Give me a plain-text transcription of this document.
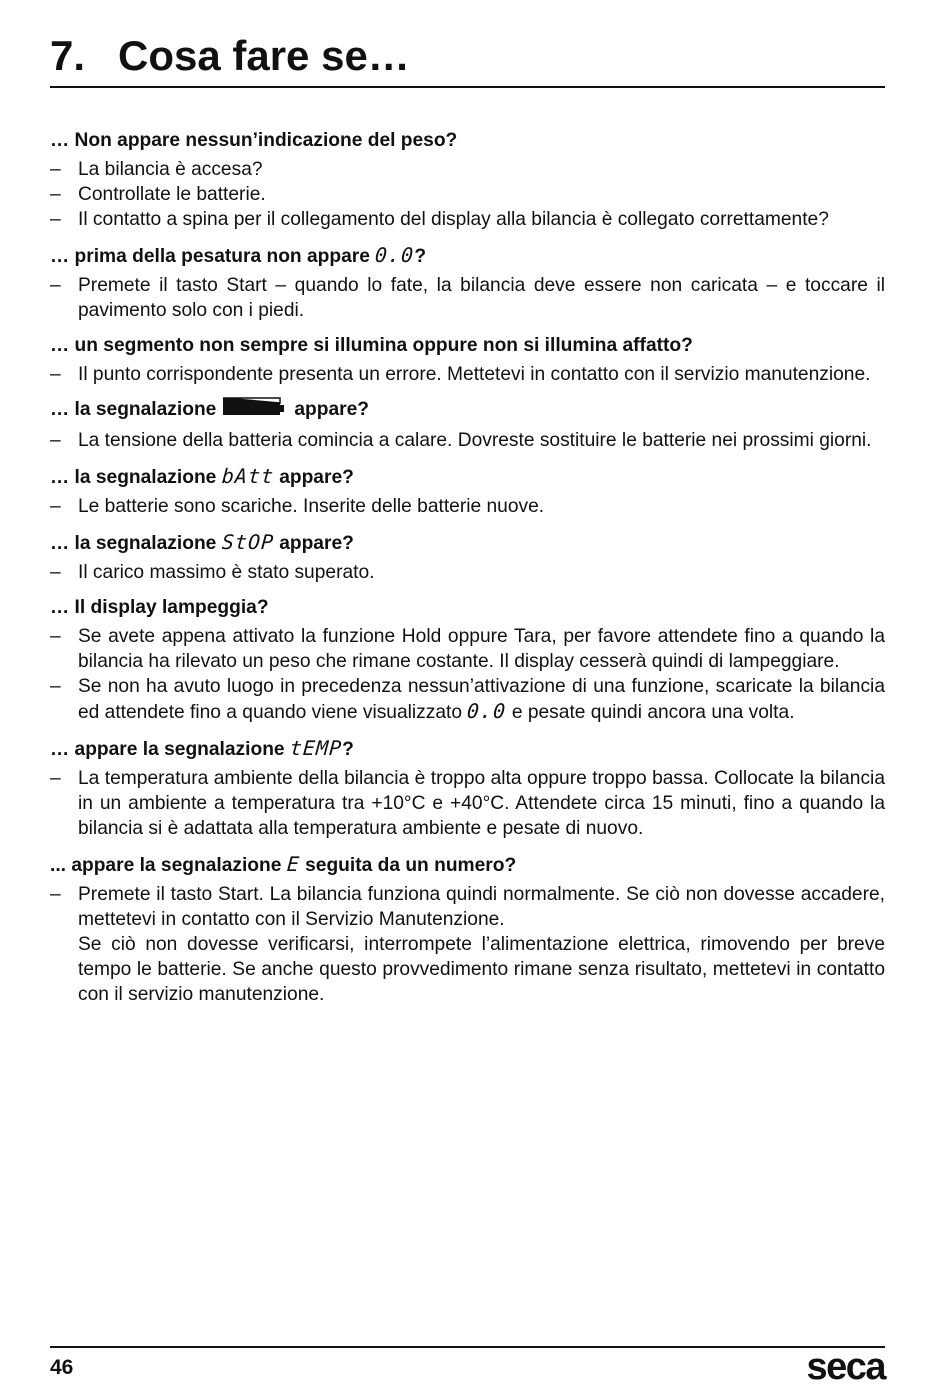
7. Cosa fare se…

… Non appare nessun’indicazione del peso?

– La bilancia è accesa?

– Controllate le batterie.

– Il contatto a spina per il collegamento del display alla bilancia è collegato correttamente?

… prima della pesatura non appare 0.0?

– Premete il tasto Start – quando lo fate, la bilancia deve essere non caricata – e toccare il pavimento solo con i piedi.

… un segmento non sempre si illumina oppure non si illumina affatto?

– Il punto corrispondente presenta un errore. Mettetevi in contatto con il servizio manutenzione.

… la segnalazione	appare?

– La tensione della batteria comincia a calare. Dovreste sostituire le batterie nei prossimi giorni.

… la segnalazione bAtt appare?

– Le batterie sono scariche. Inserite delle batterie nuove.

… la segnalazione StOP appare?

– Il carico massimo è stato superato.

… Il display lampeggia?

– Se avete appena attivato la funzione Hold oppure Tara, per favore attendete fino a quando la bilancia ha rilevato un peso che rimane costante. Il display cesserà quindi di lampeggiare.

– Se non ha avuto luogo in precedenza nessun’attivazione di una funzione, scaricate la bilancia ed attendete fino a quando viene visualizzato 0.0 e pesate quindi ancora una volta.

… appare la segnalazione tEMP?

– La temperatura ambiente della bilancia è troppo alta oppure troppo bassa. Collocate la bilancia in un ambiente a temperatura tra +10°C e +40°C. Attendete circa 15 minuti, fino a quando la bilancia si è adattata alla temperatura ambiente e pesate di nuovo.

... appare la segnalazione E seguita da un numero?

– Premete il tasto Start. La bilancia funziona quindi normalmente. Se ciò non dovesse accadere, mettetevi in contatto con il Servizio Manutenzione.

Se ciò non dovesse verificarsi, interrompete l’alimentazione elettrica, rimovendo per breve tempo le batterie. Se anche questo provvedimento rimane senza risultato, mettetevi in contatto con il servizio manutenzione.

46	seca
